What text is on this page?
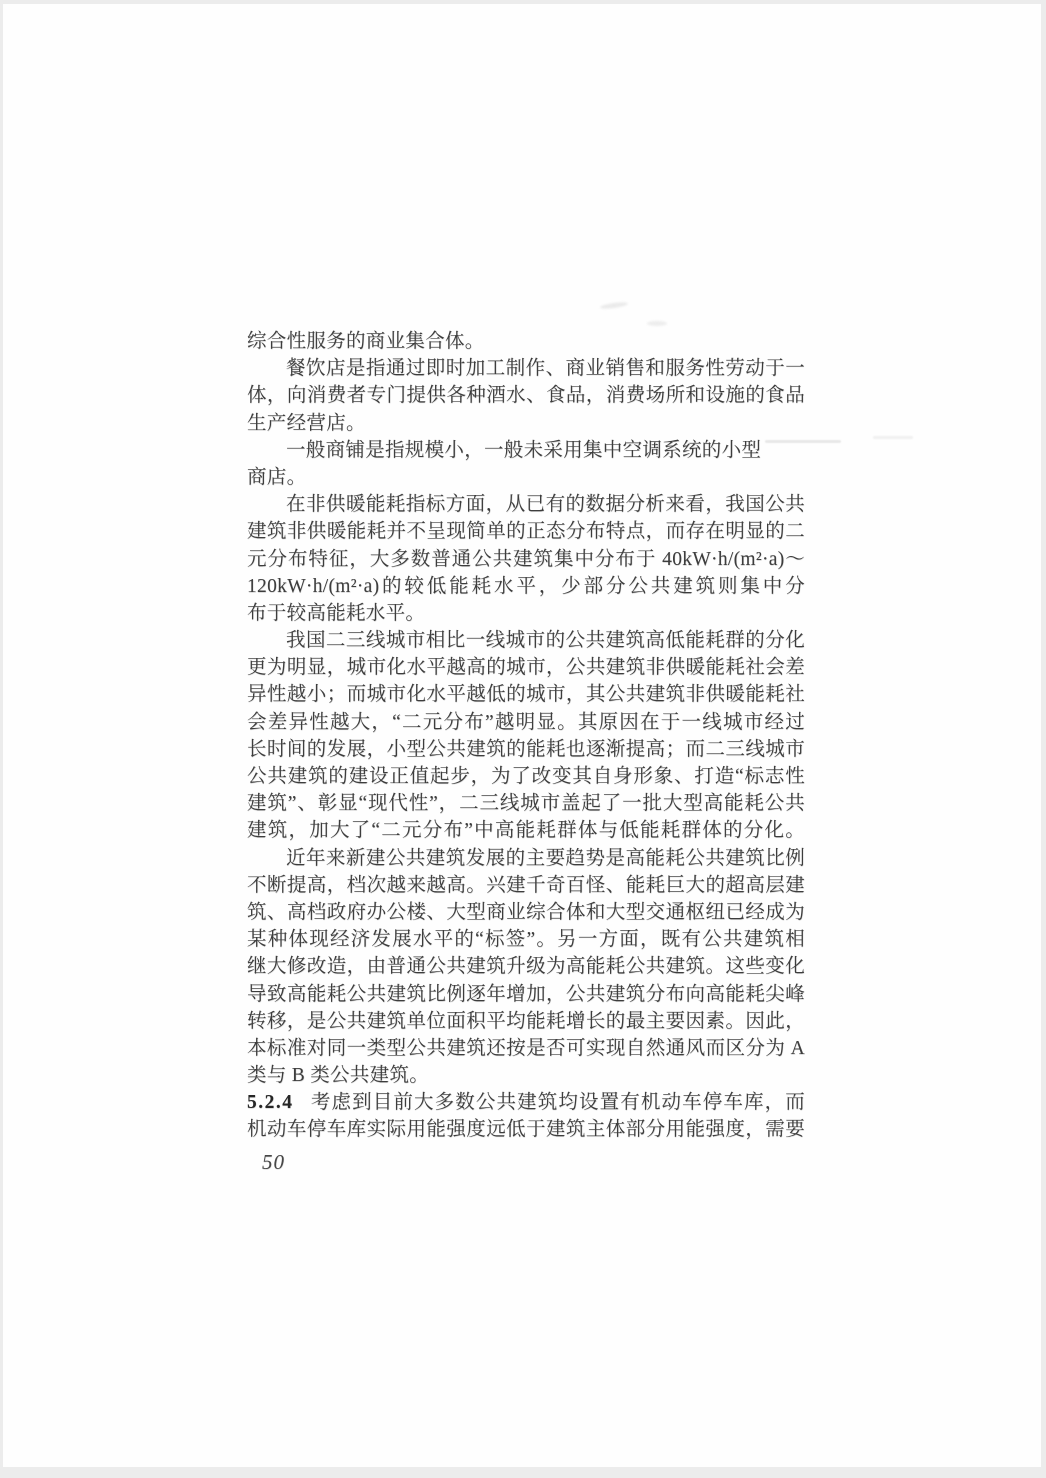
综合性服务的商业集合体。
餐饮店是指通过即时加工制作、商业销售和服务性劳动于一
体，向消费者专门提供各种酒水、食品，消费场所和设施的食品
生产经营店。
一般商铺是指规模小，一般未采用集中空调系统的小型
商店。
在非供暖能耗指标方面，从已有的数据分析来看，我国公共
建筑非供暖能耗并不呈现简单的正态分布特点，而存在明显的二
元分布特征，大多数普通公共建筑集中分布于 40kW·h/(m²·a)～
120kW·h/(m²·a)的较低能耗水平，少部分公共建筑则集中分
布于较高能耗水平。
我国二三线城市相比一线城市的公共建筑高低能耗群的分化
更为明显，城市化水平越高的城市，公共建筑非供暖能耗社会差
异性越小；而城市化水平越低的城市，其公共建筑非供暖能耗社
会差异性越大，“二元分布”越明显。其原因在于一线城市经过
长时间的发展，小型公共建筑的能耗也逐渐提高；而二三线城市
公共建筑的建设正值起步，为了改变其自身形象、打造“标志性
建筑”、彰显“现代性”，二三线城市盖起了一批大型高能耗公共
建筑，加大了“二元分布”中高能耗群体与低能耗群体的分化。
近年来新建公共建筑发展的主要趋势是高能耗公共建筑比例
不断提高，档次越来越高。兴建千奇百怪、能耗巨大的超高层建
筑、高档政府办公楼、大型商业综合体和大型交通枢纽已经成为
某种体现经济发展水平的“标签”。另一方面，既有公共建筑相
继大修改造，由普通公共建筑升级为高能耗公共建筑。这些变化
导致高能耗公共建筑比例逐年增加，公共建筑分布向高能耗尖峰
转移，是公共建筑单位面积平均能耗增长的最主要因素。因此，
本标准对同一类型公共建筑还按是否可实现自然通风而区分为 A
类与 B 类公共建筑。
5.2.4 考虑到目前大多数公共建筑均设置有机动车停车库，而
机动车停车库实际用能强度远低于建筑主体部分用能强度，需要
50
